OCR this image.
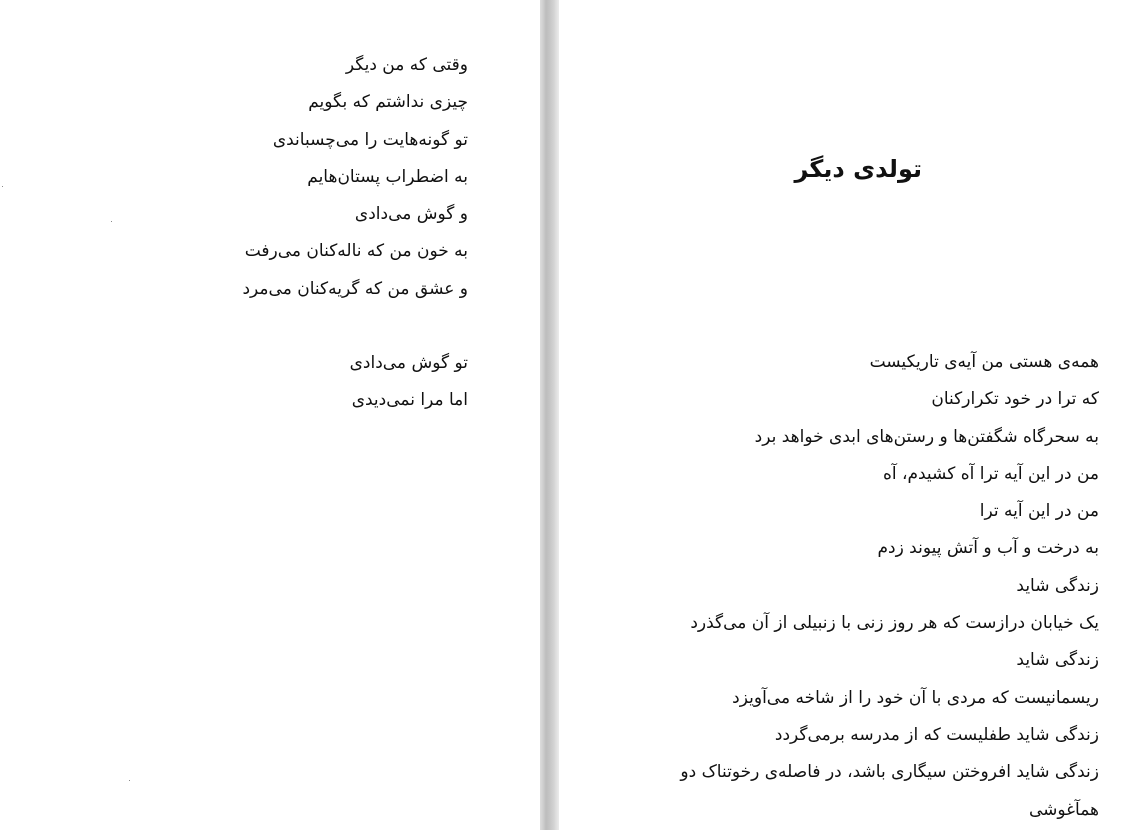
وقتی که من دیگر
چیزی نداشتم که بگویم
تو گونه‌هایت را می‌چسباندی
به اضطراب پستان‌هایم
و گوش می‌دادی
به خون من که ناله‌کنان می‌رفت
و عشق من که گریه‌کنان می‌مرد
تو گوش می‌دادی
اما مرا نمی‌دیدی
تولدی دیگر
همه‌ی هستی من آیه‌ی تاریکیست
که ترا در خود تکرارکنان
به سحرگاه شگفتن‌ها و رستن‌های ابدی خواهد برد
من در این آیه ترا آه کشیدم، آه
من در این آیه ترا
به درخت و آب و آتش پیوند زدم
زندگی شاید
یک خیابان درازست که هر روز زنی با زنبیلی از آن می‌گذرد
زندگی شاید
ریسمانیست که مردی با آن خود را از شاخه می‌آویزد
زندگی شاید طفلیست که از مدرسه برمی‌گردد
زندگی شاید افروختن سیگاری باشد، در فاصله‌ی رخوتناک دو
همآغوشی
